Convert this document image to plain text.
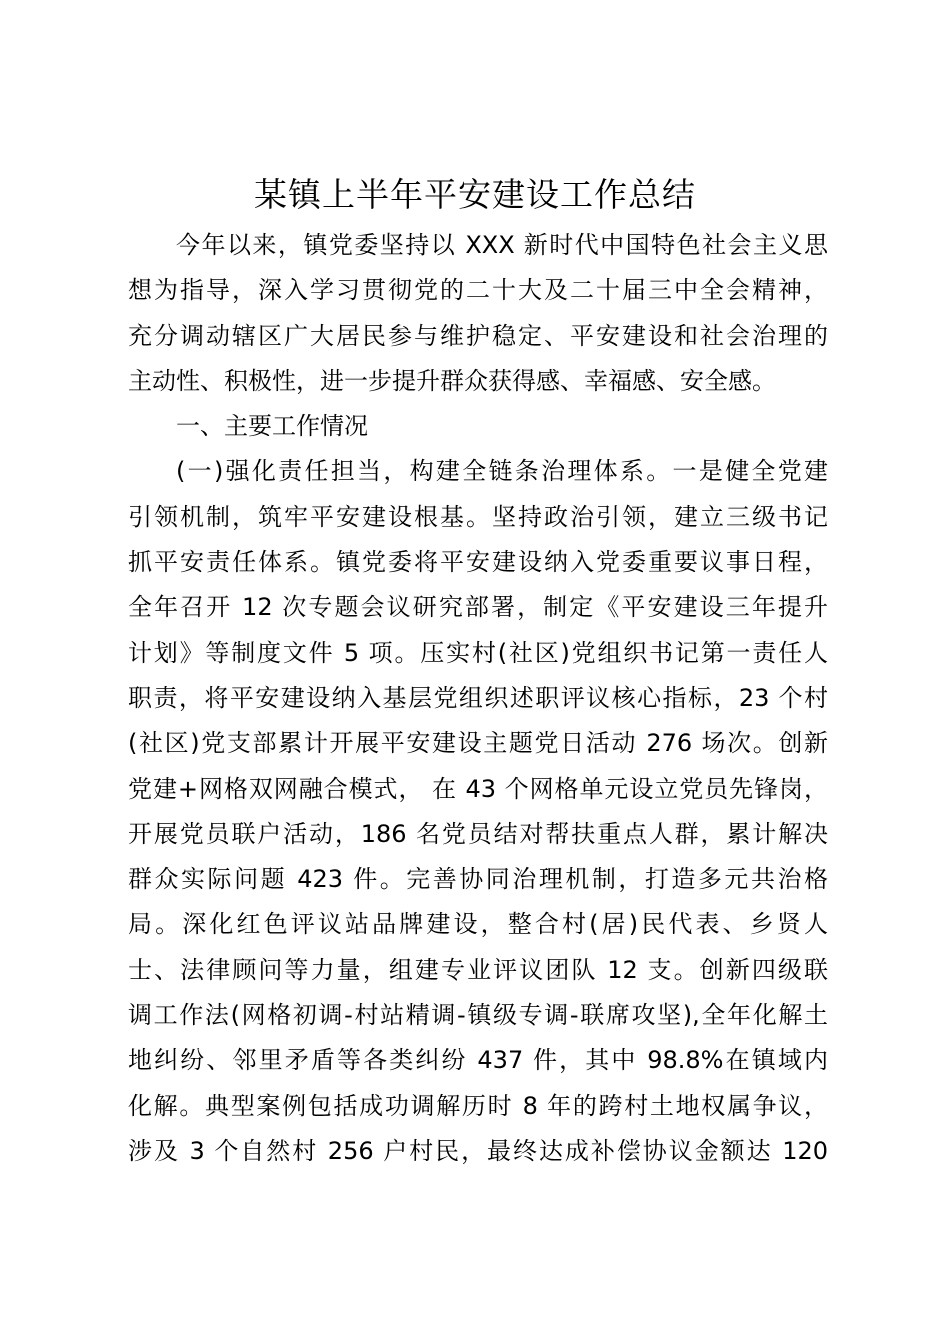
某镇上半年平安建设工作总结
今年以来，镇党委坚持以 XXX 新时代中国特色社会主义思
想为指导，深入学习贯彻党的二十大及二十届三中全会精神，
充分调动辖区广大居民参与维护稳定、平安建设和社会治理的
主动性、积极性，进一步提升群众获得感、幸福感、安全感。
一、主要工作情况
(一)强化责任担当，构建全链条治理体系。一是健全党建
引领机制，筑牢平安建设根基。坚持政治引领，建立三级书记
抓平安责任体系。镇党委将平安建设纳入党委重要议事日程，
全年召开 12 次专题会议研究部署，制定《平安建设三年提升
计划》等制度文件 5 项。压实村(社区)党组织书记第一责任人
职责，将平安建设纳入基层党组织述职评议核心指标，23 个村
(社区)党支部累计开展平安建设主题党日活动 276 场次。创新
党建+网格双网融合模式， 在 43 个网格单元设立党员先锋岗，
开展党员联户活动，186 名党员结对帮扶重点人群，累计解决
群众实际问题 423 件。完善协同治理机制，打造多元共治格
局。深化红色评议站品牌建设，整合村(居)民代表、乡贤人
士、法律顾问等力量，组建专业评议团队 12 支。创新四级联
调工作法(网格初调-村站精调-镇级专调-联席攻坚),全年化解土
地纠纷、邻里矛盾等各类纠纷 437 件，其中 98.8%在镇域内
化解。典型案例包括成功调解历时 8 年的跨村土地权属争议，
涉及 3 个自然村 256 户村民，最终达成补偿协议金额达 120
